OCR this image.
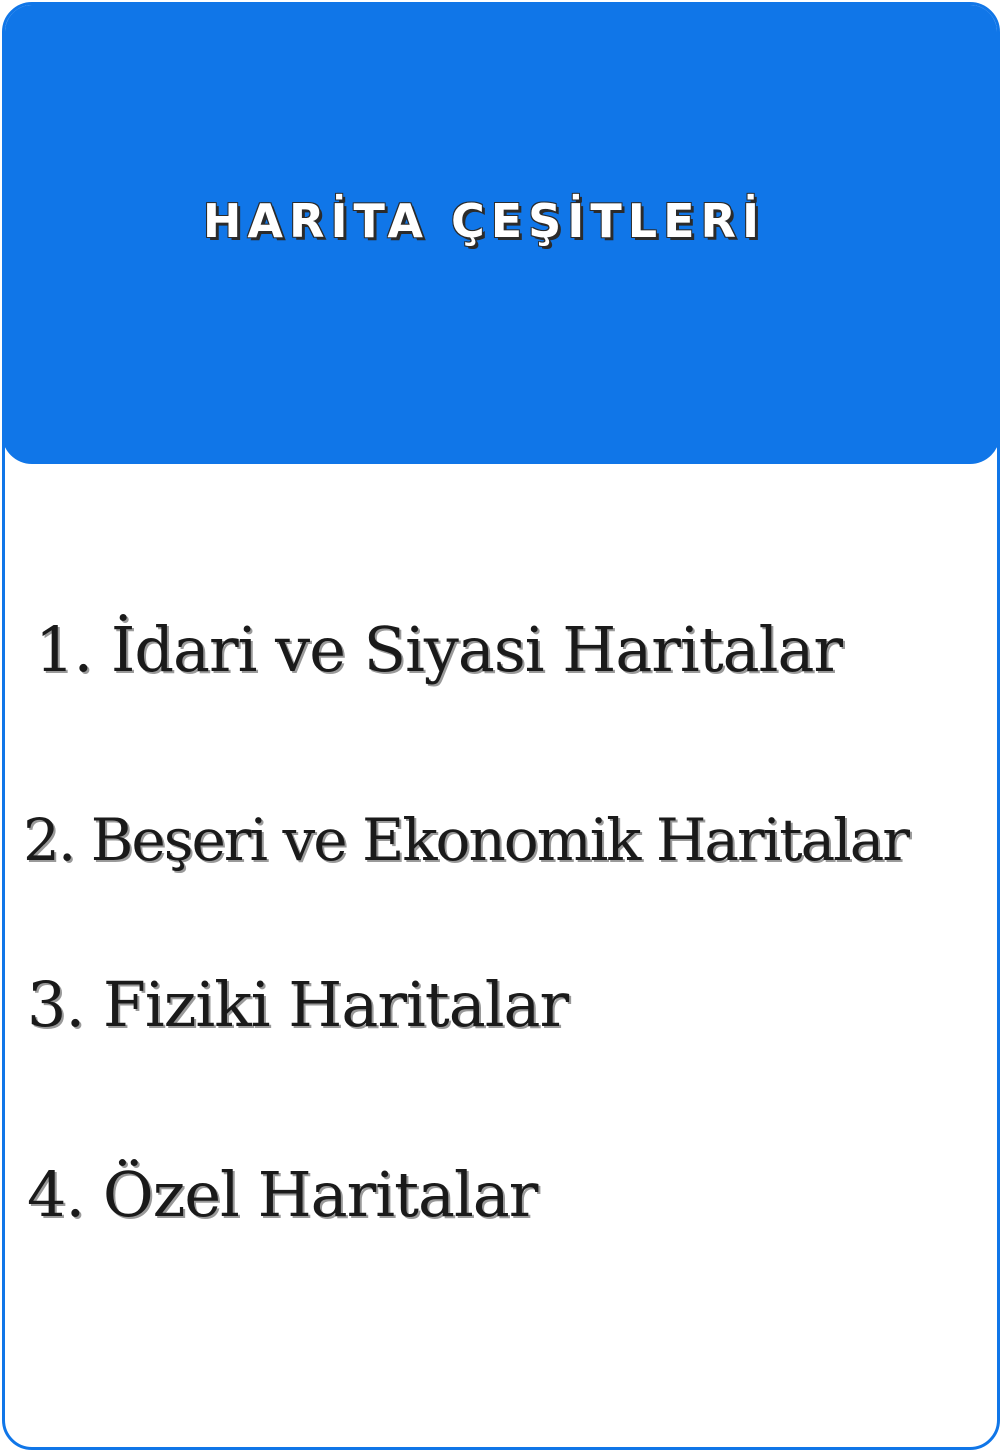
HARİTA ÇEŞİTLERİ
1. İdari ve Siyasi Haritalar
2. Beşeri ve Ekonomik Haritalar
3. Fiziki Haritalar
4. Özel Haritalar
